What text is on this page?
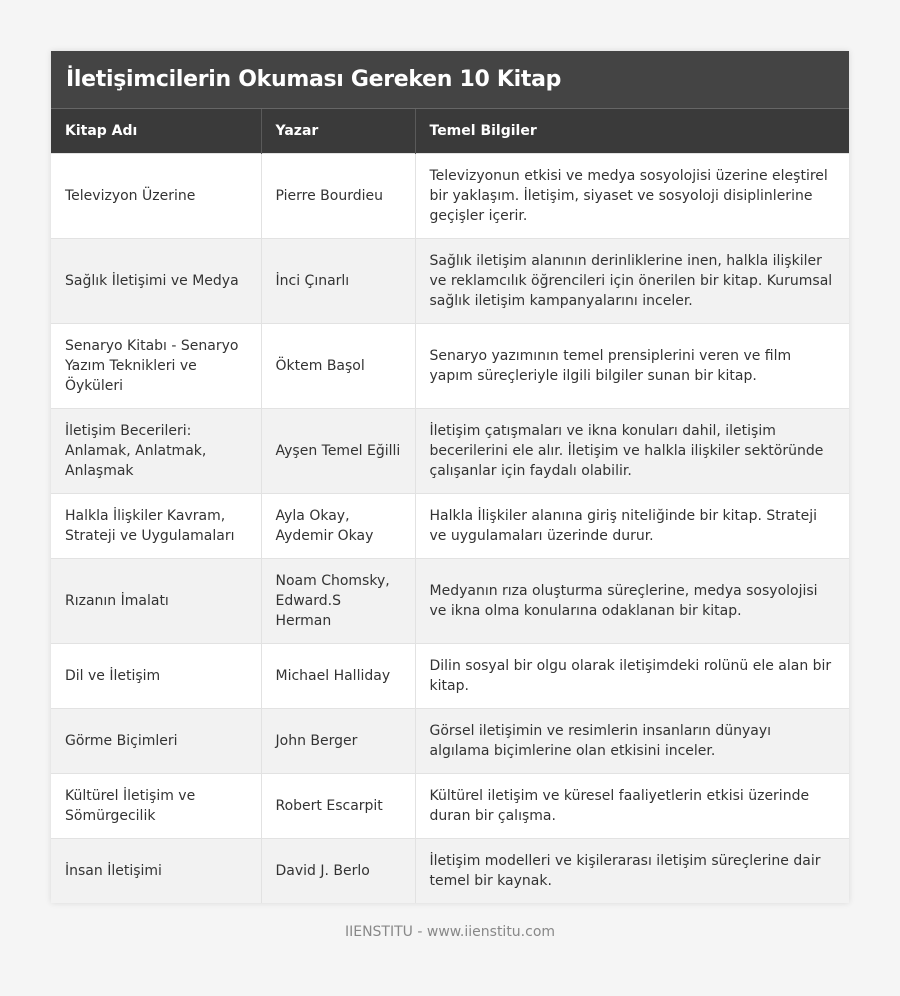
İletişimcilerin Okuması Gereken 10 Kitap
Kitap Adı	Yazar	Temel Bilgiler
Televizyon Üzerine	Pierre Bourdieu	Televizyonun etkisi ve medya sosyolojisi üzerine eleştirel bir yaklaşım. İletişim, siyaset ve sosyoloji disiplinlerine geçişler içerir.
Sağlık İletişimi ve Medya	İnci Çınarlı	Sağlık iletişim alanının derinliklerine inen, halkla ilişkiler ve reklamcılık öğrencileri için önerilen bir kitap. Kurumsal sağlık iletişim kampanyalarını inceler.
Senaryo Kitabı - Senaryo Yazım Teknikleri ve Öyküleri	Öktem Başol	Senaryo yazımının temel prensiplerini veren ve film yapım süreçleriyle ilgili bilgiler sunan bir kitap.
İletişim Becerileri: Anlamak, Anlatmak, Anlaşmak	Ayşen Temel Eğilli	İletişim çatışmaları ve ikna konuları dahil, iletişim becerilerini ele alır. İletişim ve halkla ilişkiler sektöründe çalışanlar için faydalı olabilir.
Halkla İlişkiler Kavram, Strateji ve Uygulamaları	Ayla Okay, Aydemir Okay	Halkla İlişkiler alanına giriş niteliğinde bir kitap. Strateji ve uygulamaları üzerinde durur.
Rızanın İmalatı	Noam Chomsky, Edward.S Herman	Medyanın rıza oluşturma süreçlerine, medya sosyolojisi ve ikna olma konularına odaklanan bir kitap.
Dil ve İletişim	Michael Halliday	Dilin sosyal bir olgu olarak iletişimdeki rolünü ele alan bir kitap.
Görme Biçimleri	John Berger	Görsel iletişimin ve resimlerin insanların dünyayı algılama biçimlerine olan etkisini inceler.
Kültürel İletişim ve Sömürgecilik	Robert Escarpit	Kültürel iletişim ve küresel faaliyetlerin etkisi üzerinde duran bir çalışma.
İnsan İletişimi	David J. Berlo	İletişim modelleri ve kişilerarası iletişim süreçlerine dair temel bir kaynak.
IIENSTITU - www.iienstitu.com
